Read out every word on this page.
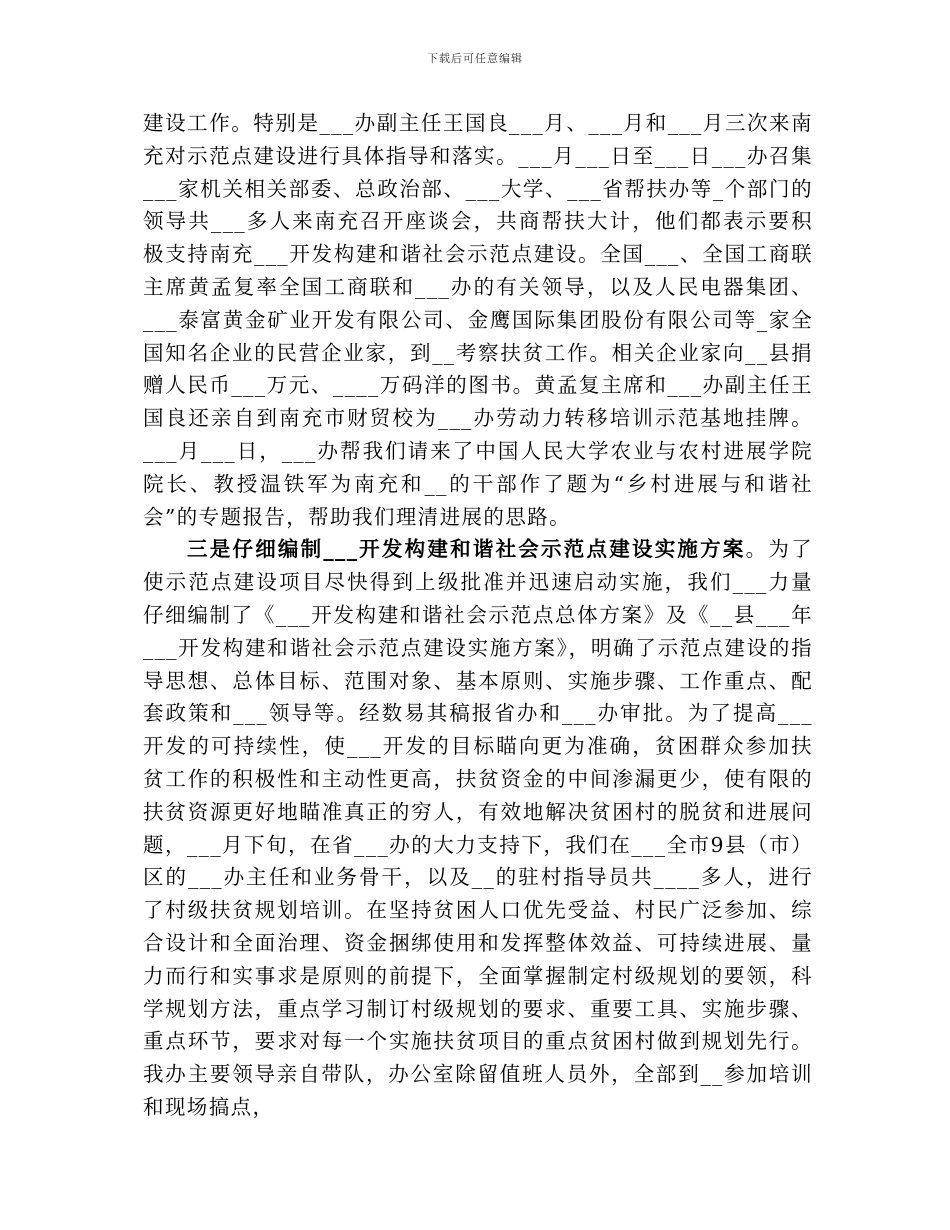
下载后可任意编辑

建设工作。特别是___办副主任王国良___月、___月和___月三次来南充对示范点建设进行具体指导和落实。___月___日至___日___办召集___家机关相关部委、总政治部、___大学、___省帮扶办等_个部门的领导共___多人来南充召开座谈会，共商帮扶大计，他们都表示要积极支持南充___开发构建和谐社会示范点建设。全国___、全国工商联主席黄孟复率全国工商联和___办的有关领导，以及人民电器集团、___泰富黄金矿业开发有限公司、金鹰国际集团股份有限公司等_家全国知名企业的民营企业家，到__考察扶贫工作。相关企业家向__县捐赠人民币___万元、____万码洋的图书。黄孟复主席和___办副主任王国良还亲自到南充市财贸校为___办劳动力转移培训示范基地挂牌。___月___日，___办帮我们请来了中国人民大学农业与农村进展学院院长、教授温铁军为南充和__的干部作了题为“乡村进展与和谐社会”的专题报告，帮助我们理清进展的思路。

三是仔细编制___开发构建和谐社会示范点建设实施方案。为了使示范点建设项目尽快得到上级批准并迅速启动实施，我们___力量仔细编制了《___开发构建和谐社会示范点总体方案》及《__县___年___开发构建和谐社会示范点建设实施方案》，明确了示范点建设的指导思想、总体目标、范围对象、基本原则、实施步骤、工作重点、配套政策和___领导等。经数易其稿报省办和___办审批。为了提高___开发的可持续性，使___开发的目标瞄向更为准确，贫困群众参加扶贫工作的积极性和主动性更高，扶贫资金的中间渗漏更少，使有限的扶贫资源更好地瞄准真正的穷人，有效地解决贫困村的脱贫和进展问题，___月下旬，在省___办的大力支持下，我们在___全市9县（市）区的___办主任和业务骨干，以及__的驻村指导员共____多人，进行了村级扶贫规划培训。在坚持贫困人口优先受益、村民广泛参加、综合设计和全面治理、资金捆绑使用和发挥整体效益、可持续进展、量力而行和实事求是原则的前提下，全面掌握制定村级规划的要领，科学规划方法，重点学习制订村级规划的要求、重要工具、实施步骤、重点环节，要求对每一个实施扶贫项目的重点贫困村做到规划先行。我办主要领导亲自带队，办公室除留值班人员外，全部到__参加培训和现场搞点，
